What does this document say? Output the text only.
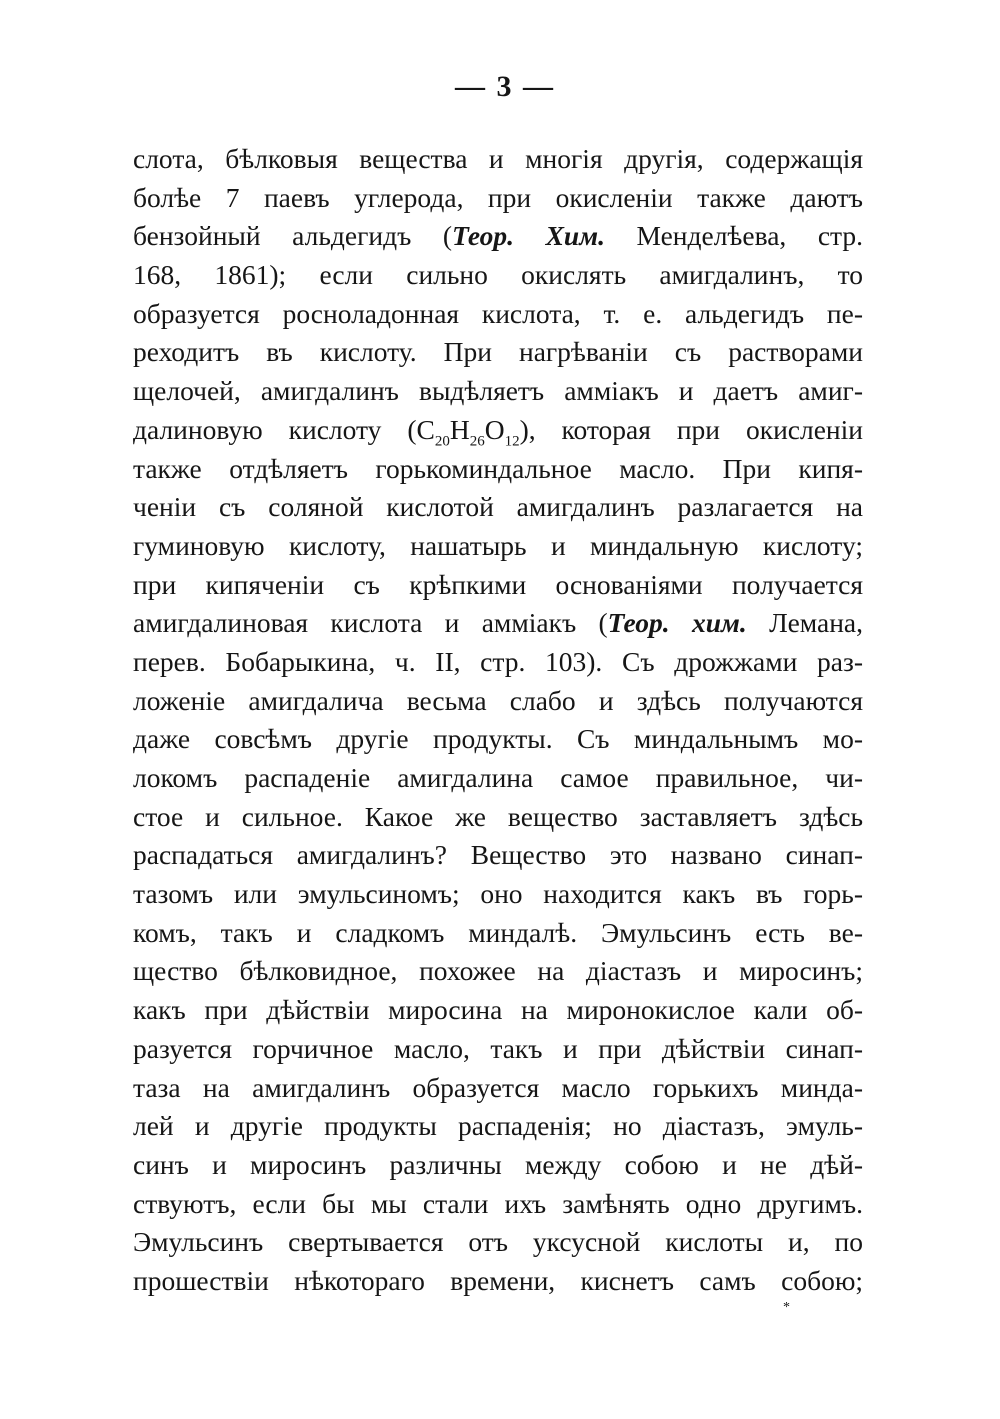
— 3 —
слота, бѣлковыя вещества и многія другія, содержащія
болѣе 7 паевъ углерода, при окисленіи также даютъ
бензойный альдегидъ (Теор. Хим. Менделѣева, стр.
168, 1861); если сильно окислять амигдалинъ, то
образуется росноладонная кислота, т. е. альдегидъ пе-
реходитъ въ кислоту. При нагрѣваніи съ растворами
щелочей, амигдалинъ выдѣляетъ амміакъ и даетъ амиг-
далиновую кислоту $(C_{20}H_{26}O_{12})$, которая при окисленіи
также отдѣляетъ горькоминдальное масло. При кипя-
ченіи съ соляной кислотой амигдалинъ разлагается на
гуминовую кислоту, нашатырь и миндальную кислоту;
при кипяченіи съ крѣпкими основаніями получается
амигдалиновая кислота и амміакъ (Теор. хим. Лемана,
перев. Бобарыкина, ч. II, стр. 103). Съ дрожжами раз-
ложеніе амигдалича весьма слабо и здѣсь получаются
даже совсѣмъ другіе продукты. Съ миндальнымъ мо-
локомъ распаденіе амигдалина самое правильное, чи-
стое и сильное. Какое же вещество заставляетъ здѣсь
распадаться амигдалинъ? Вещество это названо синап-
тазомъ или эмульсиномъ; оно находится какъ въ горь-
комъ, такъ и сладкомъ миндалѣ. Эмульсинъ есть ве-
щество бѣлковидное, похожее на діастазъ и миросинъ;
какъ при дѣйствіи миросина на миронокислое кали об-
разуется горчичное масло, такъ и при дѣйствіи синап-
таза на амигдалинъ образуется масло горькихъ минда-
лей и другіе продукты распаденія; но діастазъ, эмуль-
синъ и миросинъ различны между собою и не дѣй-
ствуютъ, если бы мы стали ихъ замѣнять одно другимъ.
Эмульсинъ свертывается отъ уксусной кислоты и, по
прошествіи нѣкотораго времени, киснетъ самъ собою;
*
